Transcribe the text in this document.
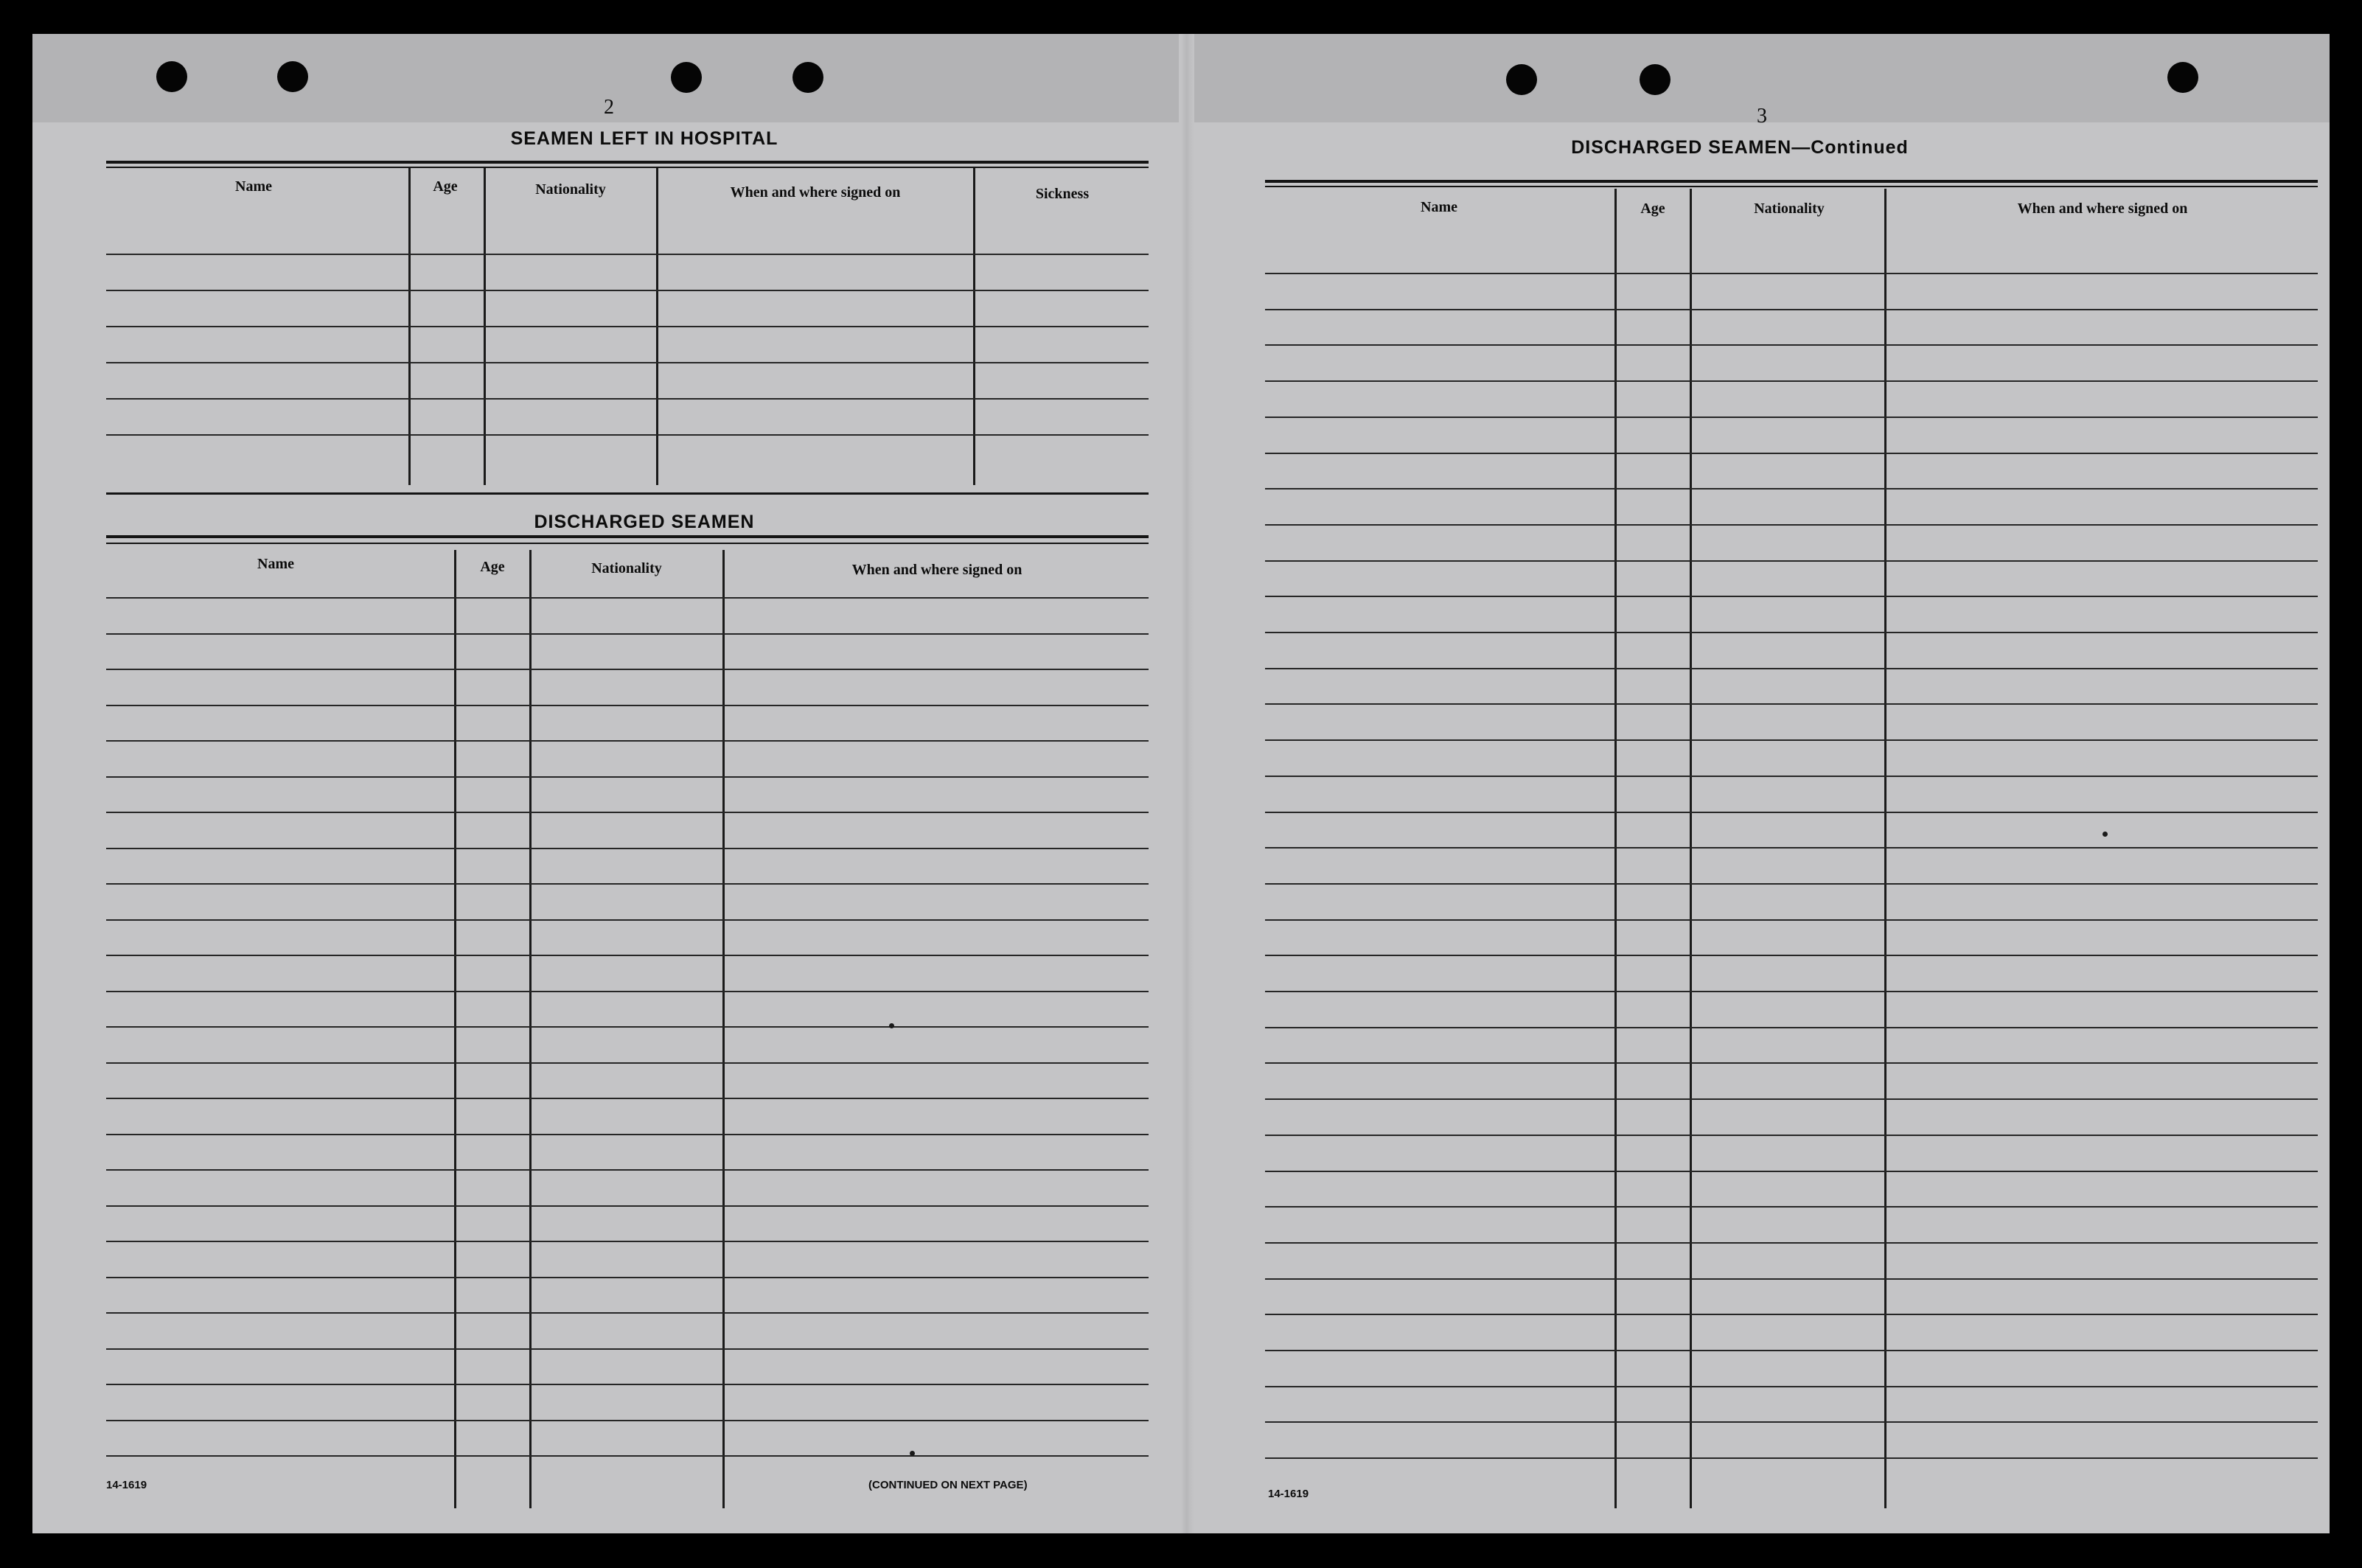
2
SEAMEN LEFT IN HOSPITAL
Name	Age	Nationality	When and where signed on	Sickness
DISCHARGED SEAMEN
Name	Age	Nationality	When and where signed on
14-1619	(CONTINUED ON NEXT PAGE)
3
DISCHARGED SEAMEN—Continued
Name	Age	Nationality	When and where signed on
14-1619
